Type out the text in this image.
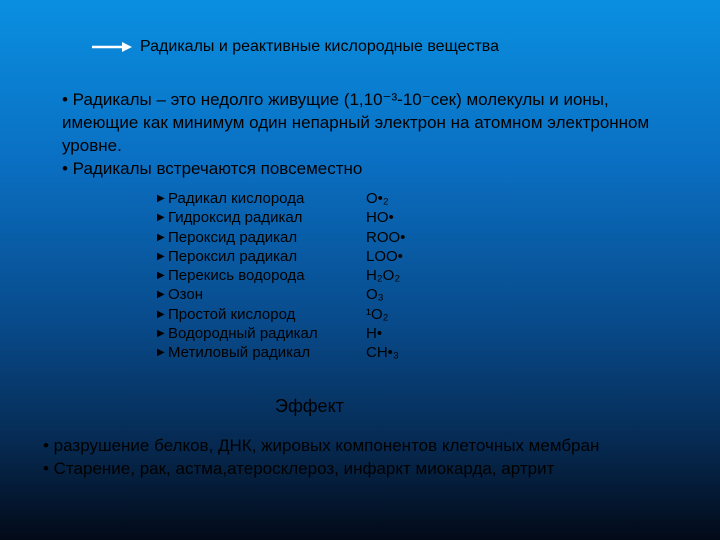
Радикалы и реактивные кислородные вещества

• Радикалы – это недолго живущие (1,10⁻³-10⁻сек) молекулы и ионы, имеющие как минимум один непарный электрон на атомном электронном уровне.

• Радикалы встречаются повсеместно

▶ Радикал кислорода	O•₂
▶ Гидроксид радикал	HO•
▶ Пероксид радикал	ROO•
▶ Пероксил радикал	LOO•
▶ Перекись водорода	H₂O₂
▶ Озон	O₃
▶ Простой кислород	¹O₂
▶ Водородный радикал	H•
▶ Метиловый радикал	CH•₃
Эффект

• разрушение белков, ДНК, жировых компонентов клеточных мембран

• Старение, рак, астма,атеросклероз, инфаркт миокарда, артрит
